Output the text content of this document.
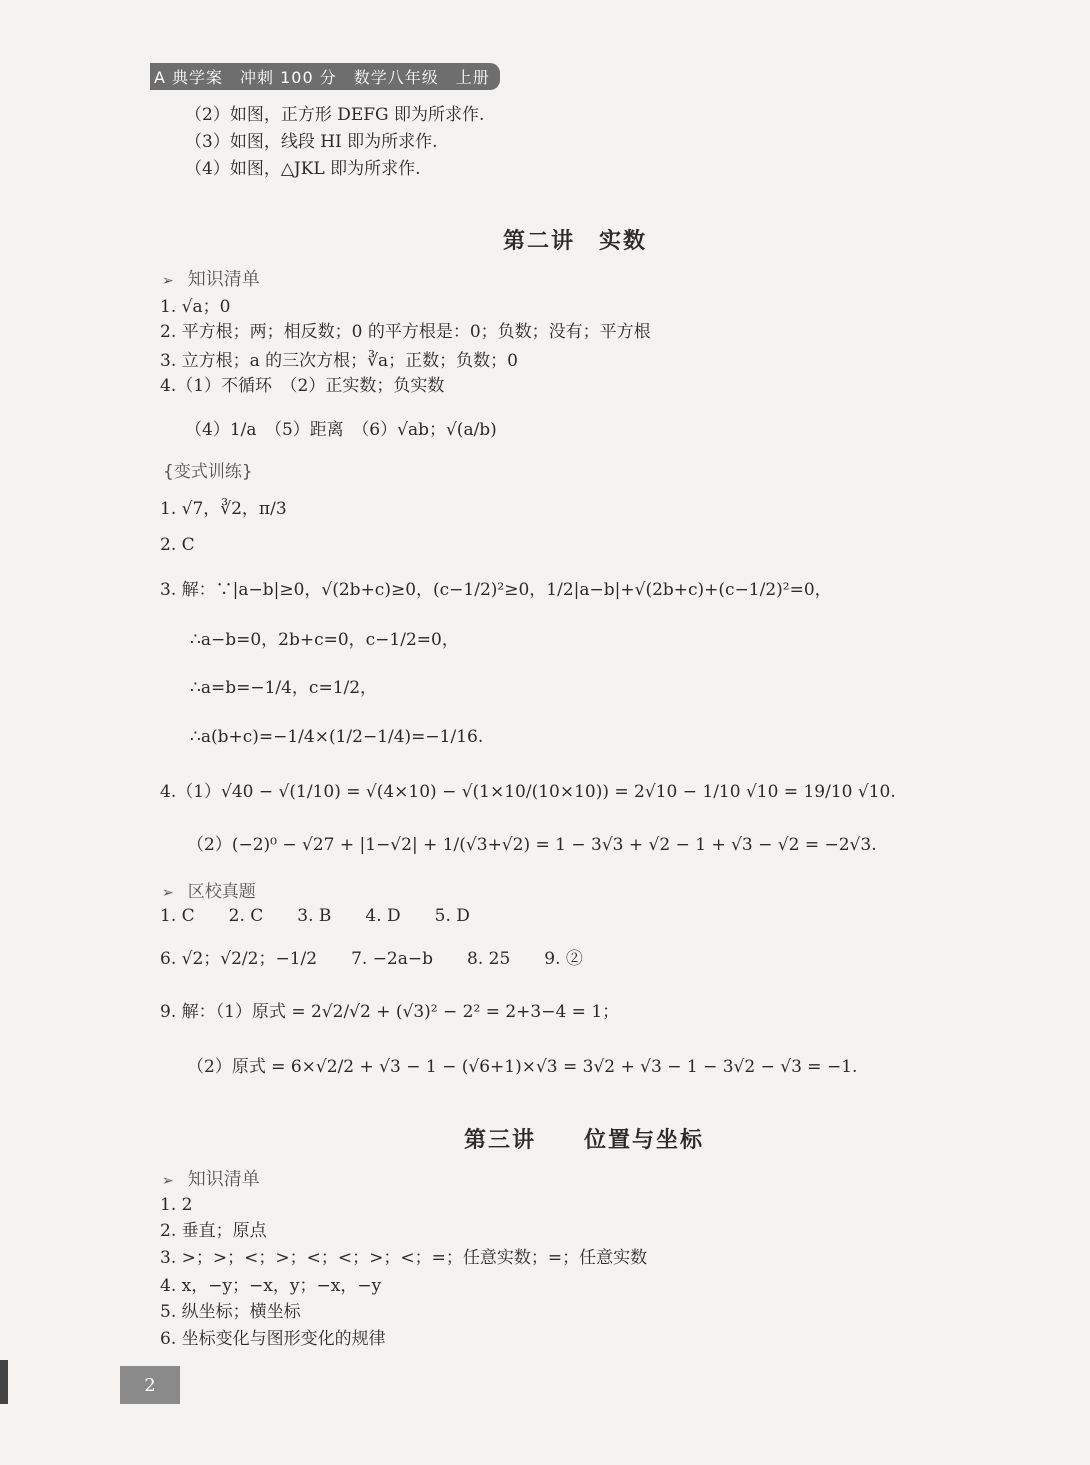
A 典学案　冲刺 100 分　数学八年级　上册
（2）如图，正方形 DEFG 即为所求作.
（3）如图，线段 HI 即为所求作.
（4）如图，△JKL 即为所求作.
第二讲　实数
➢ 知识清单
1. √a；0
2. 平方根；两；相反数；0 的平方根是：0；负数；没有；平方根
3. 立方根；a 的三次方根；∛a；正数；负数；0
4.（1）不循环　（2）正实数；负实数
（4）1/a　（5）距离　（6）√ab；√(a/b)
{变式训练}
1. √7，∛2，π/3
2. C
3. 解：∵|a−b|≥0，√(2b+c)≥0，(c−1/2)²≥0，1/2|a−b|+√(2b+c)+(c−1/2)²=0，
∴a−b=0，2b+c=0，c−1/2=0，
∴a=b=−1/4，c=1/2，
∴a(b+c)=−1/4×(1/2−1/4)=−1/16.
4.（1）√40 − √(1/10) = √(4×10) − √(1×10/(10×10)) = 2√10 − 1/10 √10 = 19/10 √10.
（2）(−2)⁰ − √27 + |1−√2| + 1/(√3+√2) = 1 − 3√3 + √2 − 1 + √3 − √2 = −2√3.
➢ 区校真题
1. C　　2. C　　3. B　　4. D　　5. D
6. √2；√2/2；−1/2　　7. −2a−b　　8. 25　　9. ②
9. 解：（1）原式 = 2√2/√2 + (√3)² − 2² = 2+3−4 = 1；
（2）原式 = 6×√2/2 + √3 − 1 − (√6+1)×√3 = 3√2 + √3 − 1 − 3√2 − √3 = −1.
第三讲　　位置与坐标
➢ 知识清单
1. 2
2. 垂直；原点
3. >；>；<；>；<；<；>；<；=；任意实数；=；任意实数
4. x，−y；−x，y；−x，−y
5. 纵坐标；横坐标
6. 坐标变化与图形变化的规律
2
